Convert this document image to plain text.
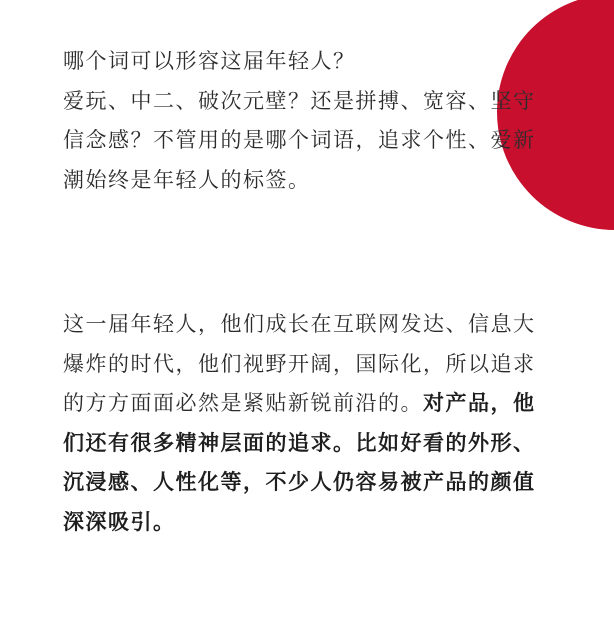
哪个词可以形容这届年轻人？
爱玩、中二、破次元壁？还是拼搏、宽容、坚守
信念感？不管用的是哪个词语，追求个性、爱新
潮始终是年轻人的标签。
这一届年轻人，他们成长在互联网发达、信息大
爆炸的时代，他们视野开阔，国际化，所以追求
的方方面面必然是紧贴新锐前沿的。对产品，他
们还有很多精神层面的追求。比如好看的外形、
沉浸感、人性化等，不少人仍容易被产品的颜值
深深吸引。
